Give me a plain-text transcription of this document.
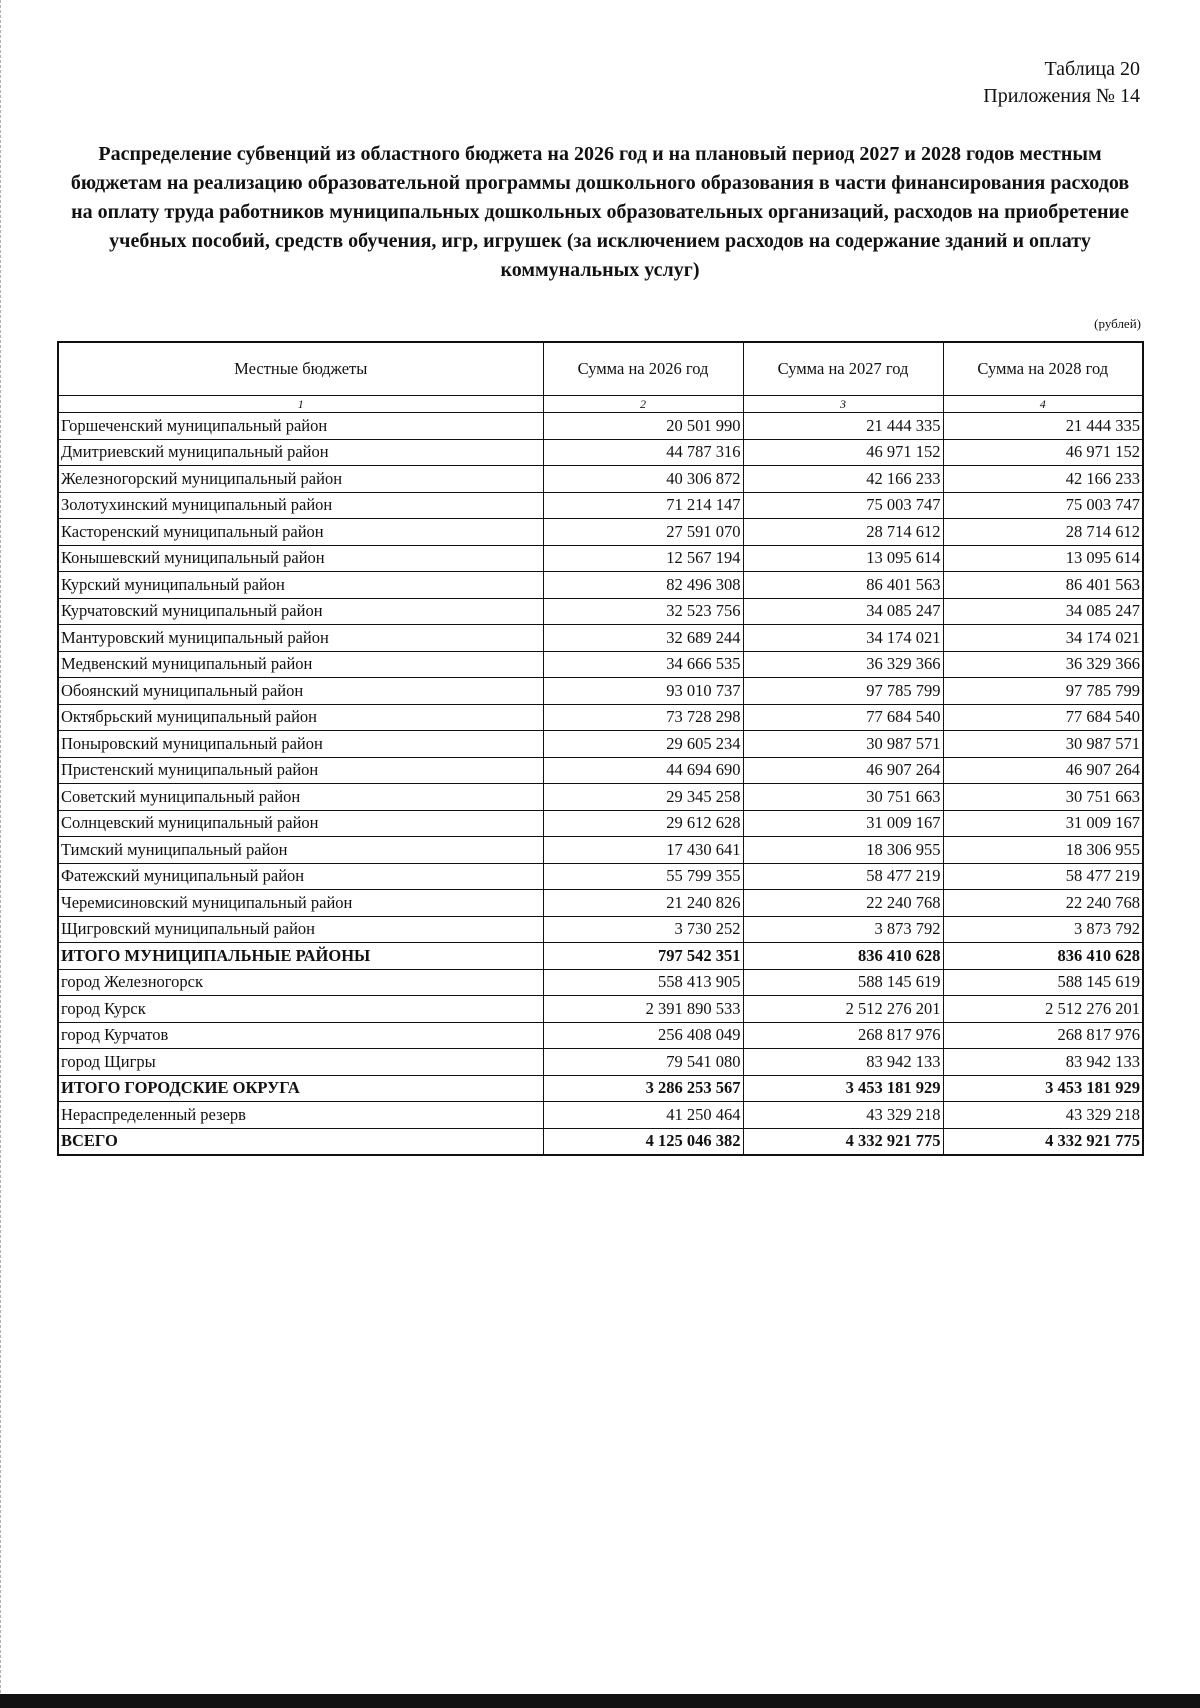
Таблица 20
Приложения № 14
Распределение субвенций из областного бюджета на 2026 год и на плановый период 2027 и 2028 годов местным бюджетам на реализацию образовательной программы дошкольного образования в части финансирования расходов на оплату труда работников муниципальных дошкольных образовательных организаций, расходов на приобретение учебных пособий, средств обучения, игр, игрушек (за исключением расходов на содержание зданий и оплату коммунальных услуг)
(рублей)
Местные бюджеты	Сумма на 2026 год	Сумма на 2027 год	Сумма на 2028 год
1	2	3	4
Горшеченский муниципальный район	20 501 990	21 444 335	21 444 335
Дмитриевский муниципальный район	44 787 316	46 971 152	46 971 152
Железногорский муниципальный район	40 306 872	42 166 233	42 166 233
Золотухинский муниципальный район	71 214 147	75 003 747	75 003 747
Касторенский муниципальный район	27 591 070	28 714 612	28 714 612
Конышевский муниципальный район	12 567 194	13 095 614	13 095 614
Курский муниципальный район	82 496 308	86 401 563	86 401 563
Курчатовский муниципальный район	32 523 756	34 085 247	34 085 247
Мантуровский муниципальный район	32 689 244	34 174 021	34 174 021
Медвенский муниципальный район	34 666 535	36 329 366	36 329 366
Обоянский муниципальный район	93 010 737	97 785 799	97 785 799
Октябрьский муниципальный район	73 728 298	77 684 540	77 684 540
Поныровский муниципальный район	29 605 234	30 987 571	30 987 571
Пристенский муниципальный район	44 694 690	46 907 264	46 907 264
Советский муниципальный район	29 345 258	30 751 663	30 751 663
Солнцевский муниципальный район	29 612 628	31 009 167	31 009 167
Тимский муниципальный район	17 430 641	18 306 955	18 306 955
Фатежский муниципальный район	55 799 355	58 477 219	58 477 219
Черемисиновский муниципальный район	21 240 826	22 240 768	22 240 768
Щигровский муниципальный район	3 730 252	3 873 792	3 873 792
ИТОГО МУНИЦИПАЛЬНЫЕ РАЙОНЫ	797 542 351	836 410 628	836 410 628
город Железногорск	558 413 905	588 145 619	588 145 619
город Курск	2 391 890 533	2 512 276 201	2 512 276 201
город Курчатов	256 408 049	268 817 976	268 817 976
город Щигры	79 541 080	83 942 133	83 942 133
ИТОГО ГОРОДСКИЕ ОКРУГА	3 286 253 567	3 453 181 929	3 453 181 929
Нераспределенный резерв	41 250 464	43 329 218	43 329 218
ВСЕГО	4 125 046 382	4 332 921 775	4 332 921 775
